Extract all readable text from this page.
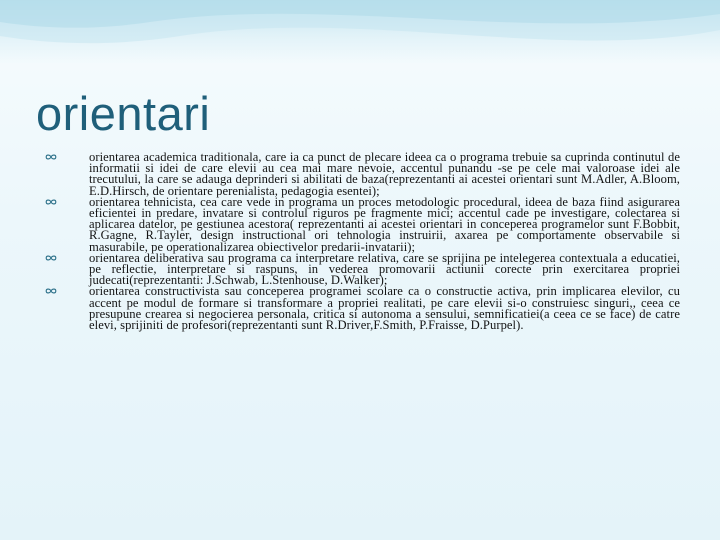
orientari
orientarea academica traditionala, care ia ca punct de plecare ideea ca o programa trebuie sa cuprinda continutul de informatii si idei de care elevii au cea mai mare nevoie, accentul punandu -se pe cele mai valoroase idei ale trecutului, la care se adauga deprinderi si abilitati de baza(reprezentanti ai acestei orientari sunt M.Adler, A.Bloom, E.D.Hirsch, de orientare perenialista, pedagogia esentei);
orientarea tehnicista, cea care vede in programa un proces metodologic procedural, ideea de baza fiind asigurarea eficientei in predare, invatare si controlul riguros pe fragmente mici; accentul cade pe investigare, colectarea si aplicarea datelor, pe gestiunea acestora( reprezentanti ai acestei orientari in conceperea programelor sunt F.Bobbit, R.Gagne, R.Tayler, design instructional ori tehnologia instruirii, axarea pe comportamente observabile si masurabile, pe operationalizarea obiectivelor predarii-invatarii);
orientarea deliberativa sau programa ca interpretare relativa, care se sprijina pe intelegerea contextuala a educatiei, pe reflectie, interpretare si raspuns, in vederea promovarii actiunii corecte prin exercitarea propriei judecati(reprezentanti: J.Schwab, L.Stenhouse, D.Walker);
orientarea constructivista sau conceperea programei scolare ca o constructie activa, prin implicarea elevilor, cu accent pe modul de formare si transformare a propriei realitati, pe care elevii si-o construiesc singuri,, ceea ce presupune crearea si negocierea personala, critica si autonoma a sensului, semnificatiei(a ceea ce se face) de catre elevi, sprijiniti de profesori(reprezentanti sunt R.Driver,F.Smith, P.Fraisse, D.Purpel).
